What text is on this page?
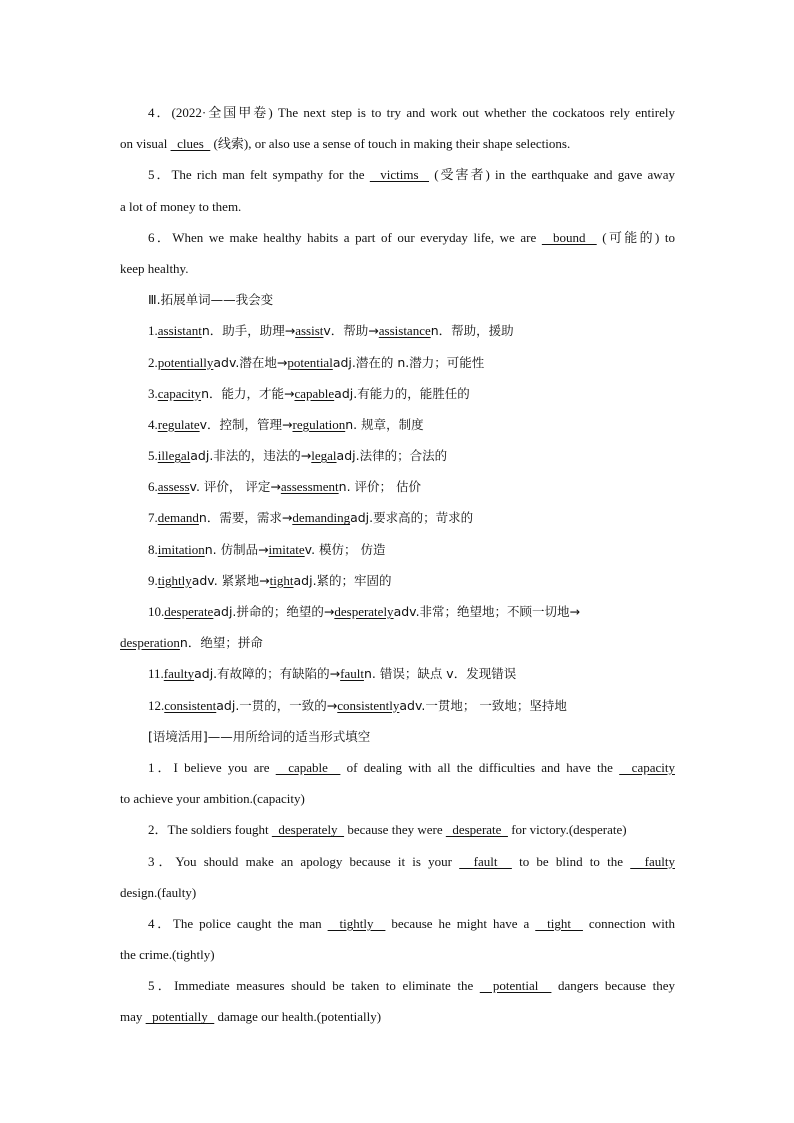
4．(2022·全国甲卷) The next step is to try and work out whether the cockatoos rely entirely
on visual   clues   (线索), or also use a sense of touch in making their shape selections.
5．The rich man felt sympathy for the   victims   (受害者) in the earthquake and gave away
a lot of money to them.
6．When we make healthy habits a part of our everyday life, we are   bound   (可能的) to
keep healthy.
Ⅲ.拓展单词——我会变
1.assistantn．助手，助理→assistv．帮助→assistancen．帮助，援助
2.potentiallyadv.潜在地→potentialadj.潜在的 n.潜力；可能性
3.capacityn．能力，才能→capableadj.有能力的，能胜任的
4.regulatev．控制，管理→regulationn. 规章，制度
5.illegaladj.非法的，违法的→legaladj.法律的；合法的
6.assessv. 评价， 评定→assessmentn. 评价； 估价
7.demandn．需要，需求→demandingadj.要求高的；苛求的
8.imitationn. 仿制品→imitatev. 模仿； 仿造
9.tightlyadv. 紧紧地→tightadj.紧的；牢固的
10.desperateadj.拼命的；绝望的→desperatelyadv.非常；绝望地；不顾一切地→
desperationn．绝望；拼命
11.faultyadj.有故障的；有缺陷的→faultn. 错误；缺点 v．发现错误
12.consistentadj.一贯的，一致的→consistentlyadv.一贯地； 一致地；坚持地
[语境活用]——用所给词的适当形式填空
1．I believe you are   capable   of dealing with all the difficulties and have the   capacity
to achieve your ambition.(capacity)
2．The soldiers fought   desperately   because they were   desperate   for victory.(desperate)
3．You should make an apology because it is your   fault   to be blind to the   faulty
design.(faulty)
4．The police caught the man   tightly   because he might have a   tight   connection with
the crime.(tightly)
5．Immediate measures should be taken to eliminate the   potential   dangers because they
may   potentially   damage our health.(potentially)
